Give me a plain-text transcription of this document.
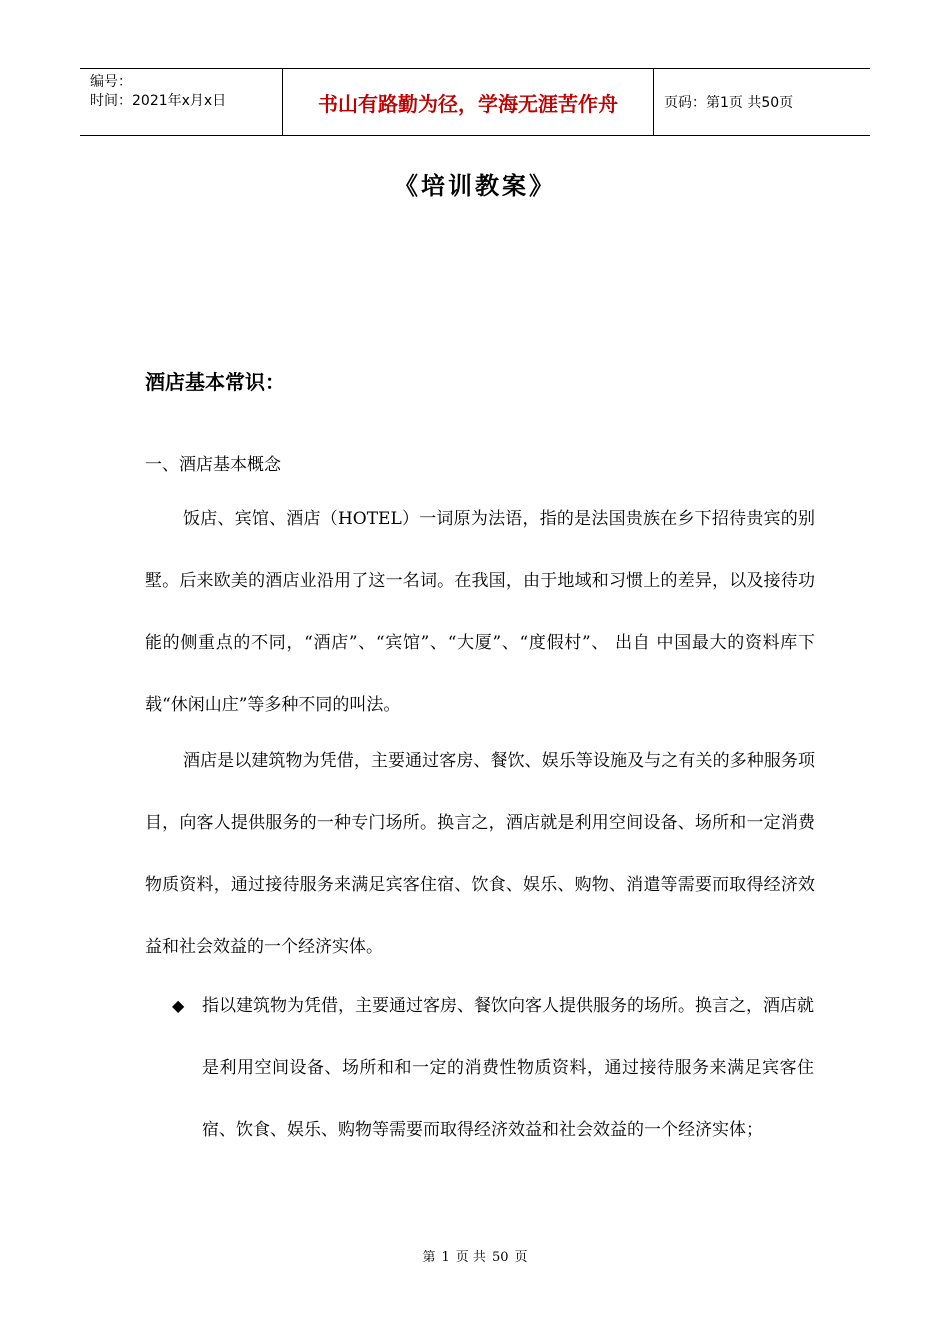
编号：
时间：2021年x月x日	书山有路勤为径，学海无涯苦作舟	页码：第1页 共50页
《培训教案》
酒店基本常识：
一、酒店基本概念

饭店、宾馆、酒店（HOTEL）一词原为法语，指的是法国贵族在乡下招待贵宾的别墅。后来欧美的酒店业沿用了这一名词。在我国，由于地域和习惯上的差异，以及接待功能的侧重点的不同，“酒店”、“宾馆”、“大厦”、“度假村”、 出自 中国最大的资料库下载“休闲山庄”等多种不同的叫法。

酒店是以建筑物为凭借，主要通过客房、餐饮、娱乐等设施及与之有关的多种服务项目，向客人提供服务的一种专门场所。换言之，酒店就是利用空间设备、场所和一定消费物质资料，通过接待服务来满足宾客住宿、饮食、娱乐、购物、消遣等需要而取得经济效益和社会效益的一个经济实体。

◆ 指以建筑物为凭借，主要通过客房、餐饮向客人提供服务的场所。换言之，酒店就是利用空间设备、场所和和一定的消费性物质资料，通过接待服务来满足宾客住宿、饮食、娱乐、购物等需要而取得经济效益和社会效益的一个经济实体；

第 1 页 共 50 页
